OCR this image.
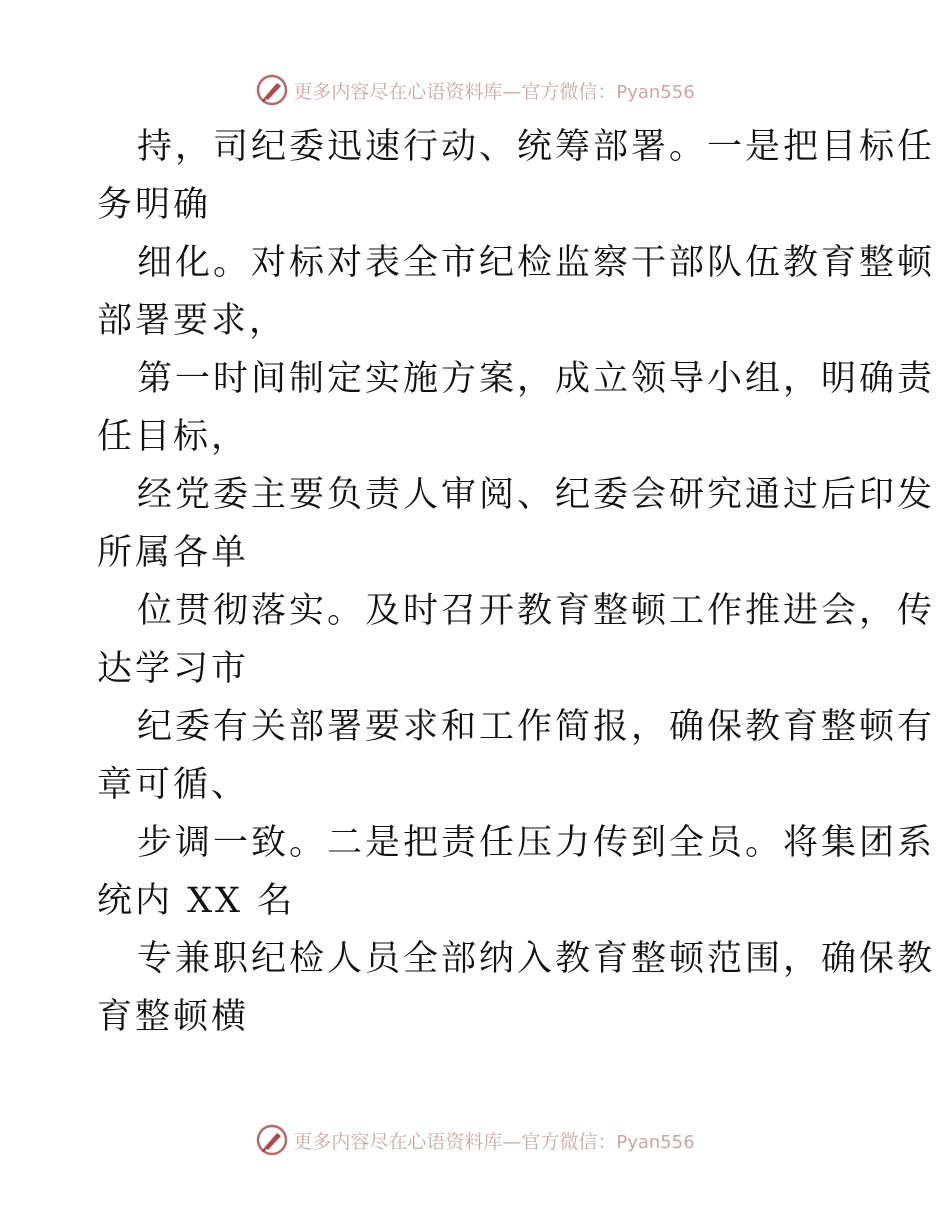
更多内容尽在心语资料库—官方微信：Pyan556
持，司纪委迅速行动、统筹部署。一是把目标任
务明确
细化。对标对表全市纪检监察干部队伍教育整顿
部署要求，
第一时间制定实施方案，成立领导小组，明确责
任目标，
经党委主要负责人审阅、纪委会研究通过后印发
所属各单
位贯彻落实。及时召开教育整顿工作推进会，传
达学习市
纪委有关部署要求和工作简报，确保教育整顿有
章可循、
步调一致。二是把责任压力传到全员。将集团系
统内 XX 名
专兼职纪检人员全部纳入教育整顿范围，确保教
育整顿横
更多内容尽在心语资料库—官方微信：Pyan556
